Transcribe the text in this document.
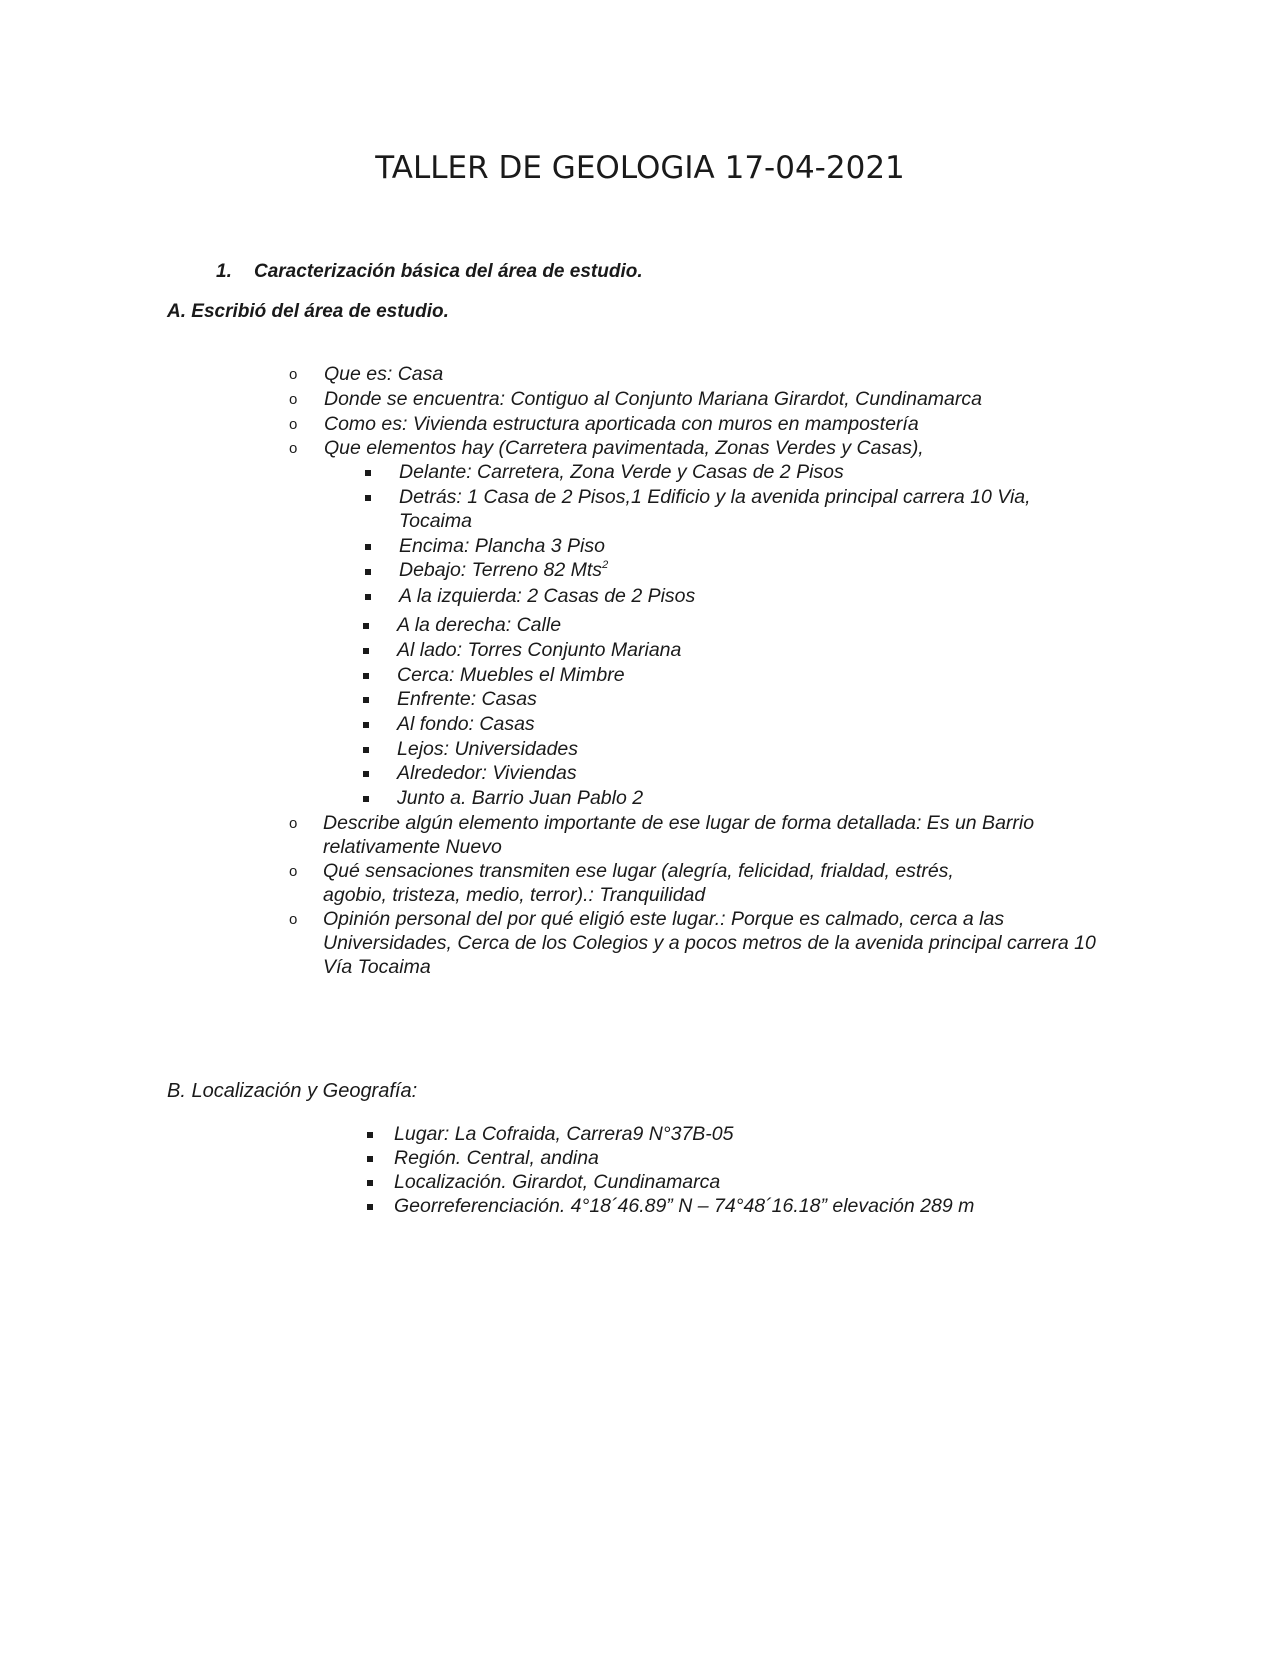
TALLER DE GEOLOGIA 17-04-2021
1. Caracterización básica del área de estudio.
A. Escribió del área de estudio.
o Que es: Casa
o Donde se encuentra: Contiguo al Conjunto Mariana Girardot, Cundinamarca
o Como es: Vivienda estructura aporticada con muros en mampostería
o Que elementos hay (Carretera pavimentada, Zonas Verdes y Casas),
Delante: Carretera, Zona Verde y Casas de 2 Pisos
Detrás: 1 Casa de 2 Pisos,1 Edificio y la avenida principal carrera 10 Via,
Tocaima
Encima: Plancha 3 Piso
Debajo: Terreno 82 Mts$^2$
A la izquierda: 2 Casas de 2 Pisos
A la derecha: Calle
Al lado: Torres Conjunto Mariana
Cerca: Muebles el Mimbre
Enfrente: Casas
Al fondo: Casas
Lejos: Universidades
Alrededor: Viviendas
Junto a. Barrio Juan Pablo 2
o Describe algún elemento importante de ese lugar de forma detallada: Es un Barrio
relativamente Nuevo
o Qué sensaciones transmiten ese lugar (alegría, felicidad, frialdad, estrés,
agobio, tristeza, medio, terror).: Tranquilidad
o Opinión personal del por qué eligió este lugar.: Porque es calmado, cerca a las
Universidades, Cerca de los Colegios y a pocos metros de la avenida principal carrera 10
Vía Tocaima
B. Localización y Geografía:
Lugar: La Cofraida, Carrera9 N°37B-05
Región. Central, andina
Localización. Girardot, Cundinamarca
Georreferenciación. 4°18´46.89” N – 74°48´16.18” elevación 289 m
